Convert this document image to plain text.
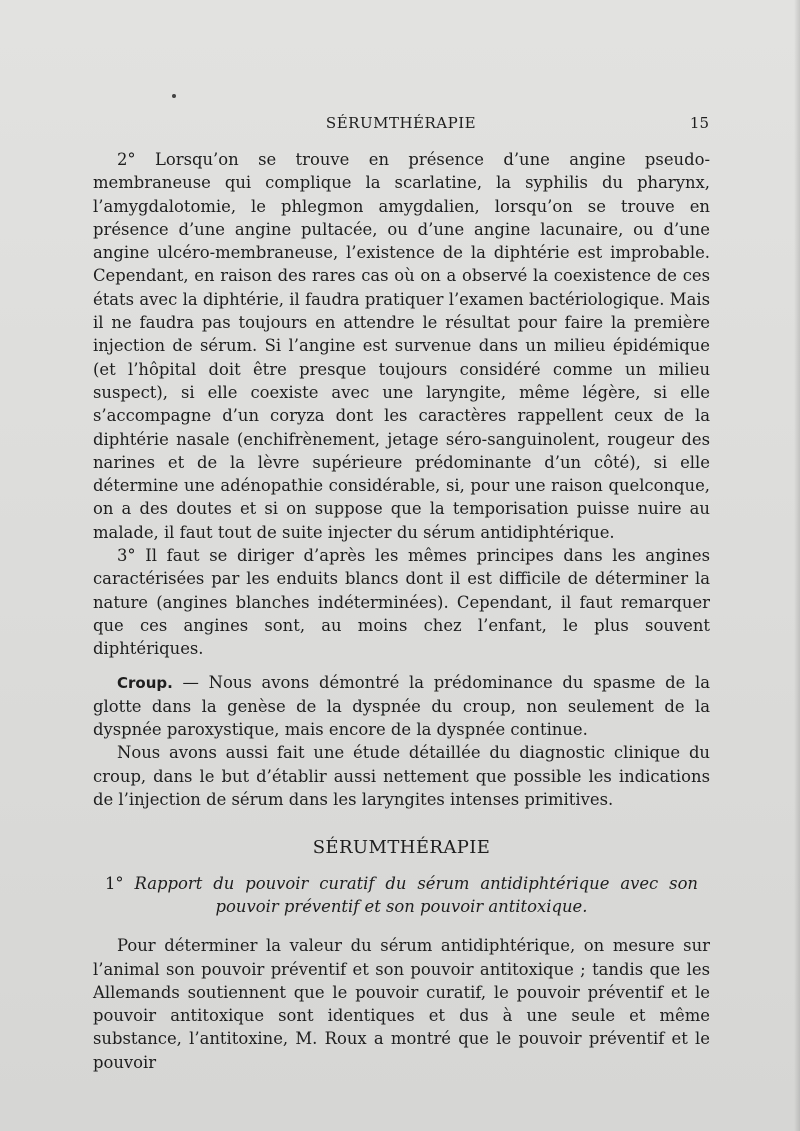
SÉRUMTHÉRAPIE	15

2° Lorsqu’on se trouve en présence d’une angine pseudo-membraneuse qui complique la scarlatine, la syphilis du pharynx, l’amygdalotomie, le phlegmon amygdalien, lorsqu’on se trouve en présence d’une angine pultacée, ou d’une angine lacunaire, ou d’une angine ulcéro-membraneuse, l’existence de la diphtérie est improbable. Cependant, en raison des rares cas où on a observé la coexistence de ces états avec la diphtérie, il faudra pratiquer l’examen bactériologique. Mais il ne faudra pas toujours en attendre le résultat pour faire la première injection de sérum. Si l’angine est survenue dans un milieu épidémique (et l’hôpital doit être presque toujours considéré comme un milieu suspect), si elle coexiste avec une laryngite, même légère, si elle s’accompagne d’un coryza dont les caractères rappellent ceux de la diphtérie nasale (enchifrènement, jetage séro-sanguinolent, rougeur des narines et de la lèvre supérieure prédominante d’un côté), si elle détermine une adénopathie considérable, si, pour une raison quelconque, on a des doutes et si on suppose que la temporisation puisse nuire au malade, il faut tout de suite injecter du sérum antidiphtérique.

3° Il faut se diriger d’après les mêmes principes dans les angines caractérisées par les enduits blancs dont il est difficile de déterminer la nature (angines blanches indéterminées). Cependant, il faut remarquer que ces angines sont, au moins chez l’enfant, le plus souvent diphtériques.

Croup. — Nous avons démontré la prédominance du spasme de la glotte dans la genèse de la dyspnée du croup, non seulement de la dyspnée paroxystique, mais encore de la dyspnée continue.

Nous avons aussi fait une étude détaillée du diagnostic clinique du croup, dans le but d’établir aussi nettement que possible les indications de l’injection de sérum dans les laryngites intenses primitives.

SÉRUMTHÉRAPIE

1° Rapport du pouvoir curatif du sérum antidiphtérique avec son pouvoir préventif et son pouvoir antitoxique.

Pour déterminer la valeur du sérum antidiphtérique, on mesure sur l’animal son pouvoir préventif et son pouvoir antitoxique ; tandis que les Allemands soutiennent que le pouvoir curatif, le pouvoir préventif et le pouvoir antitoxique sont identiques et dus à une seule et même substance, l’antitoxine, M. Roux a montré que le pouvoir préventif et le pouvoir
